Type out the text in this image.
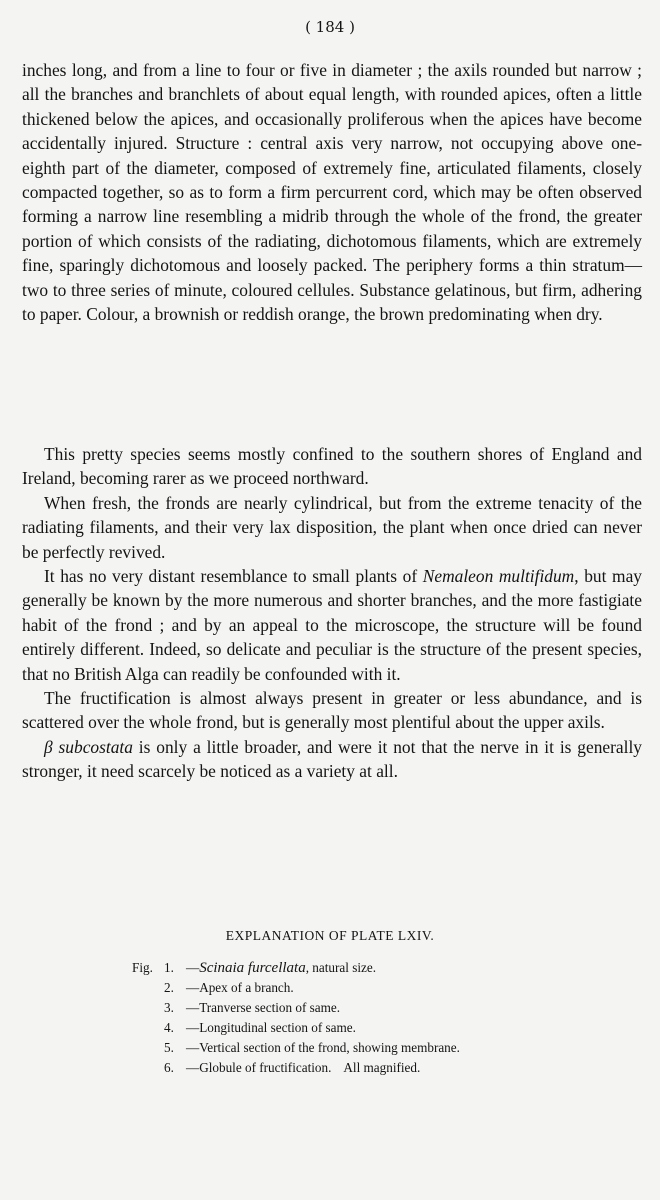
( 184 )

inches long, and from a line to four or five in diameter ; the axils rounded but narrow ; all the branches and branchlets of about equal length, with rounded apices, often a little thickened below the apices, and occasionally proliferous when the apices have become accidentally injured. Structure : central axis very narrow, not occupying above one-eighth part of the diameter, composed of extremely fine, articulated filaments, closely compacted together, so as to form a firm percurrent cord, which may be often observed forming a narrow line resembling a midrib through the whole of the frond, the greater portion of which consists of the radiating, dichotomous filaments, which are extremely fine, sparingly dichotomous and loosely packed. The periphery forms a thin stratum—two to three series of minute, coloured cellules. Substance gelatinous, but firm, adhering to paper. Colour, a brownish or reddish orange, the brown predominating when dry.

This pretty species seems mostly confined to the southern shores of England and Ireland, becoming rarer as we proceed northward.

When fresh, the fronds are nearly cylindrical, but from the extreme tenacity of the radiating filaments, and their very lax disposition, the plant when once dried can never be perfectly revived.

It has no very distant resemblance to small plants of Nemaleon multifidum, but may generally be known by the more numerous and shorter branches, and the more fastigiate habit of the frond ; and by an appeal to the microscope, the structure will be found entirely different. Indeed, so delicate and peculiar is the structure of the present species, that no British Alga can readily be confounded with it.

The fructification is almost always present in greater or less abundance, and is scattered over the whole frond, but is generally most plentiful about the upper axils.

β subcostata is only a little broader, and were it not that the nerve in it is generally stronger, it need scarcely be noticed as a variety at all.

EXPLANATION OF PLATE LXIV.
Fig. 1. —Scinaia furcellata, natural size.
2. —Apex of a branch.
3. —Tranverse section of same.
4. —Longitudinal section of same.
5. —Vertical section of the frond, showing membrane.
6. —Globule of fructification. All magnified.
